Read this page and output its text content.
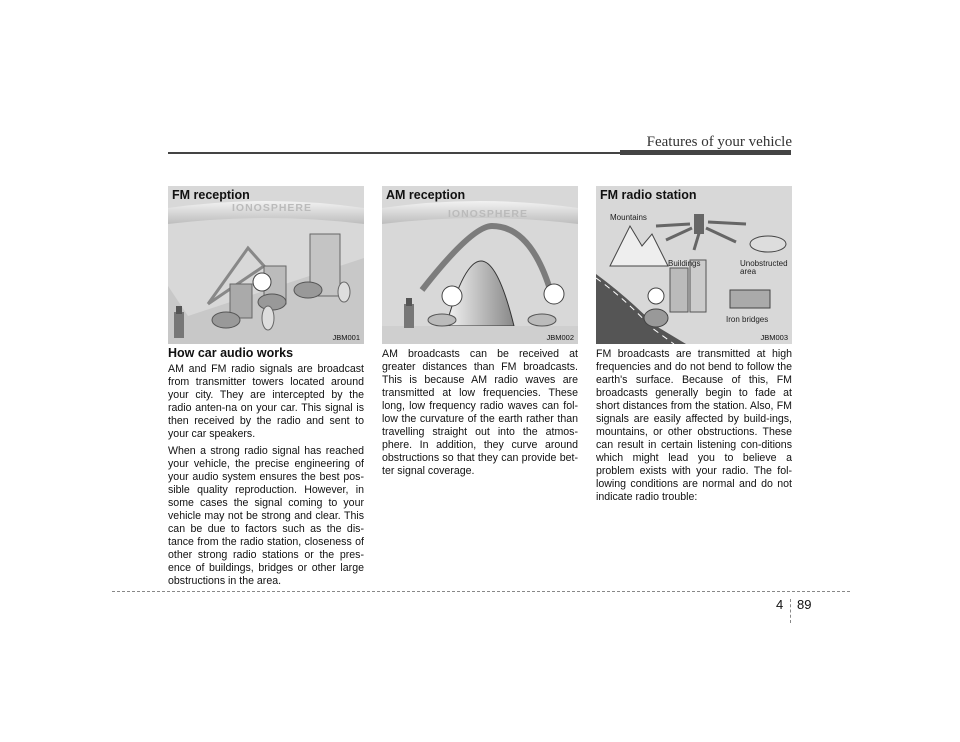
Features of your vehicle
FM reception
IONOSPHERE
JBM001
AM reception
IONOSPHERE
JBM002
FM radio station
Mountains
Buildings	Unobstructed area
Iron bridges
JBM003
How car audio works

AM and FM radio signals are broadcast from transmitter towers located around your city. They are intercepted by the radio anten-na on your car. This signal is then received by the radio and sent to your car speakers.

When a strong radio signal has reached your vehicle, the precise engineering of your audio system ensures the best pos-sible quality reproduction. However, in some cases the signal coming to your vehicle may not be strong and clear. This can be due to factors such as the dis-tance from the radio station, closeness of other strong radio stations or the pres-ence of buildings, bridges or other large obstructions in the area.

AM broadcasts can be received at greater distances than FM broadcasts. This is because AM radio waves are transmitted at low frequencies. These long, low frequency radio waves can fol-low the curvature of the earth rather than travelling straight out into the atmos-phere. In addition, they curve around obstructions so that they can provide bet-ter signal coverage.

FM broadcasts are transmitted at high frequencies and do not bend to follow the earth's surface. Because of this, FM broadcasts generally begin to fade at short distances from the station. Also, FM signals are easily affected by build-ings, mountains, or other obstructions. These can result in certain listening con-ditions which might lead you to believe a problem exists with your radio. The fol-lowing conditions are normal and do not indicate radio trouble:

4 89
